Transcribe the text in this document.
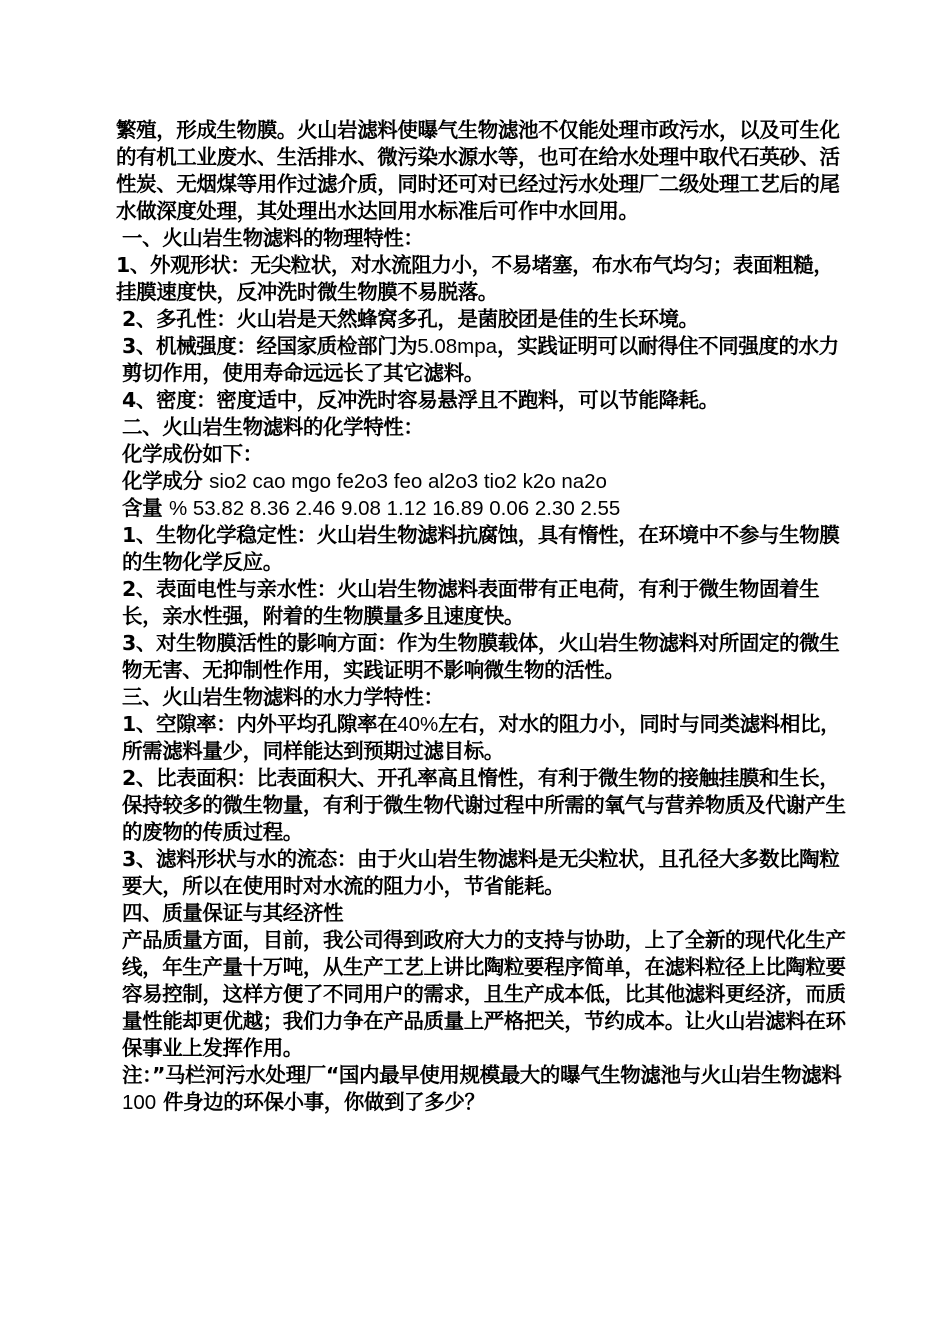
繁殖，形成生物膜。火山岩滤料使曝气生物滤池不仅能处理市政污水，以及可生化的有机工业废水、生活排水、微污染水源水等，也可在给水处理中取代石英砂、活性炭、无烟煤等用作过滤介质，同时还可对已经过污水处理厂二级处理工艺后的尾水做深度处理，其处理出水达回用水标准后可作中水回用。

一、火山岩生物滤料的物理特性：

1、外观形状：无尖粒状，对水流阻力小，不易堵塞，布水布气均匀；表面粗糙，挂膜速度快，反冲洗时微生物膜不易脱落。

2、多孔性：火山岩是天然蜂窝多孔，是菌胶团是佳的生长环境。

3、机械强度：经国家质检部门为5.08mpa，实践证明可以耐得住不同强度的水力剪切作用，使用寿命远远长了其它滤料。

4、密度：密度适中，反冲洗时容易悬浮且不跑料，可以节能降耗。

二、火山岩生物滤料的化学特性：

化学成份如下：

化学成分 sio2 cao mgo fe2o3 feo al2o3 tio2 k2o na2o

含量 % 53.82 8.36 2.46 9.08 1.12 16.89 0.06 2.30 2.55

1、生物化学稳定性：火山岩生物滤料抗腐蚀，具有惰性，在环境中不参与生物膜的生物化学反应。

2、表面电性与亲水性：火山岩生物滤料表面带有正电荷，有利于微生物固着生长，亲水性强，附着的生物膜量多且速度快。

3、对生物膜活性的影响方面：作为生物膜载体，火山岩生物滤料对所固定的微生物无害、无抑制性作用，实践证明不影响微生物的活性。

三、火山岩生物滤料的水力学特性：

1、空隙率：内外平均孔隙率在40%左右，对水的阻力小，同时与同类滤料相比，所需滤料量少，同样能达到预期过滤目标。

2、比表面积：比表面积大、开孔率高且惰性，有利于微生物的接触挂膜和生长，保持较多的微生物量，有利于微生物代谢过程中所需的氧气与营养物质及代谢产生的废物的传质过程。

3、滤料形状与水的流态：由于火山岩生物滤料是无尖粒状，且孔径大多数比陶粒要大，所以在使用时对水流的阻力小，节省能耗。

四、质量保证与其经济性

产品质量方面，目前，我公司得到政府大力的支持与协助，上了全新的现代化生产线，年生产量十万吨，从生产工艺上讲比陶粒要程序简单，在滤料粒径上比陶粒要容易控制，这样方便了不同用户的需求，且生产成本低，比其他滤料更经济，而质量性能却更优越；我们力争在产品质量上严格把关，节约成本。让火山岩滤料在环保事业上发挥作用。

注：”马栏河污水处理厂“国内最早使用规模最大的曝气生物滤池与火山岩生物滤料

100 件身边的环保小事，你做到了多少？
